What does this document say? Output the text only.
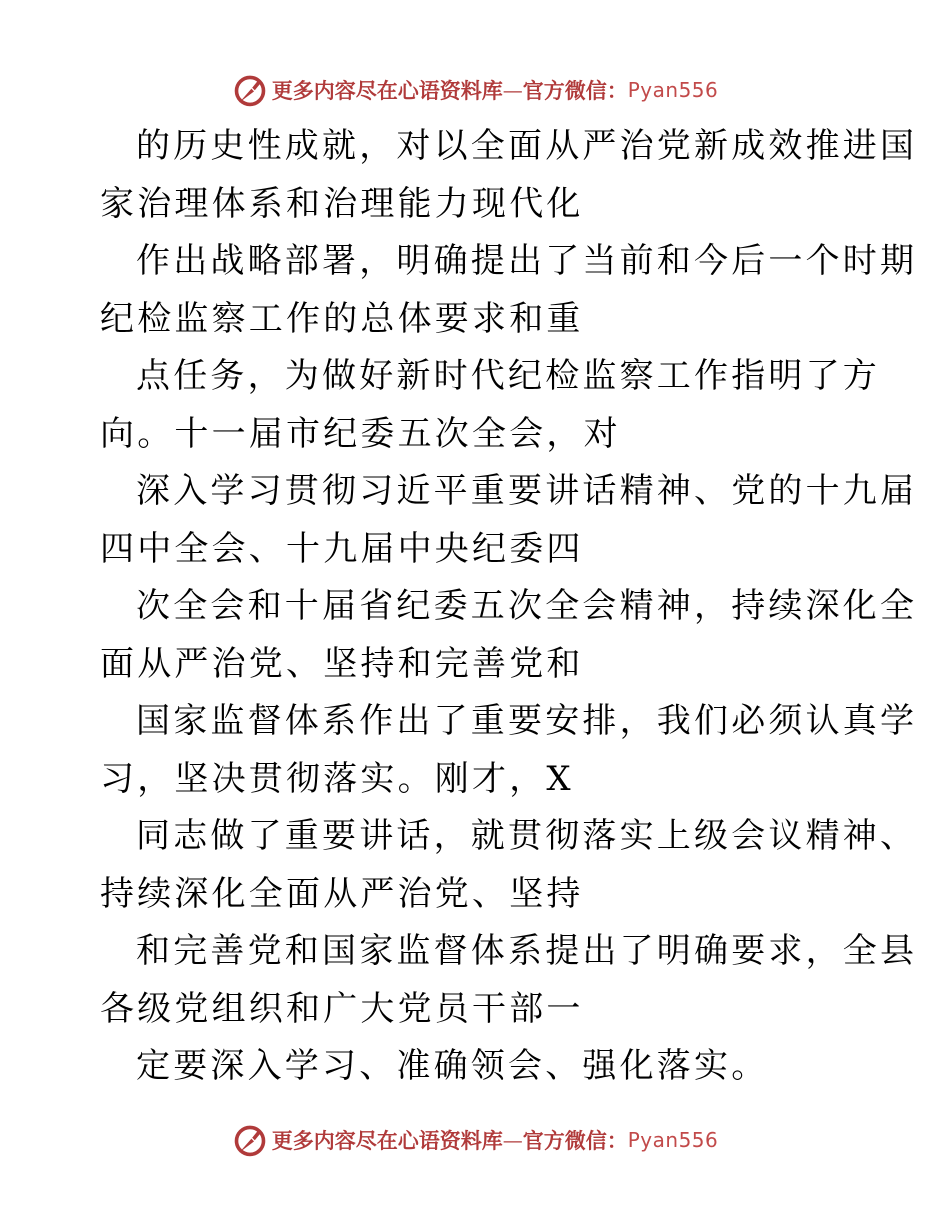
更多内容尽在心语资料库 — 官方微信： Pyan556
的历史性成就，对以全面从严治党新成效推进国
家治理体系和治理能力现代化
作出战略部署，明确提出了当前和今后一个时期
纪检监察工作的总体要求和重
点任务，为做好新时代纪检监察工作指明了方
向。十一届市纪委五次全会，对
深入学习贯彻习近平重要讲话精神、党的十九届
四中全会、十九届中央纪委四
次全会和十届省纪委五次全会精神，持续深化全
面从严治党、坚持和完善党和
国家监督体系作出了重要安排，我们必须认真学
习，坚决贯彻落实。刚才，X
同志做了重要讲话，就贯彻落实上级会议精神、
持续深化全面从严治党、坚持
和完善党和国家监督体系提出了明确要求，全县
各级党组织和广大党员干部一
定要深入学习、准确领会、强化落实。
更多内容尽在心语资料库 — 官方微信： Pyan556
